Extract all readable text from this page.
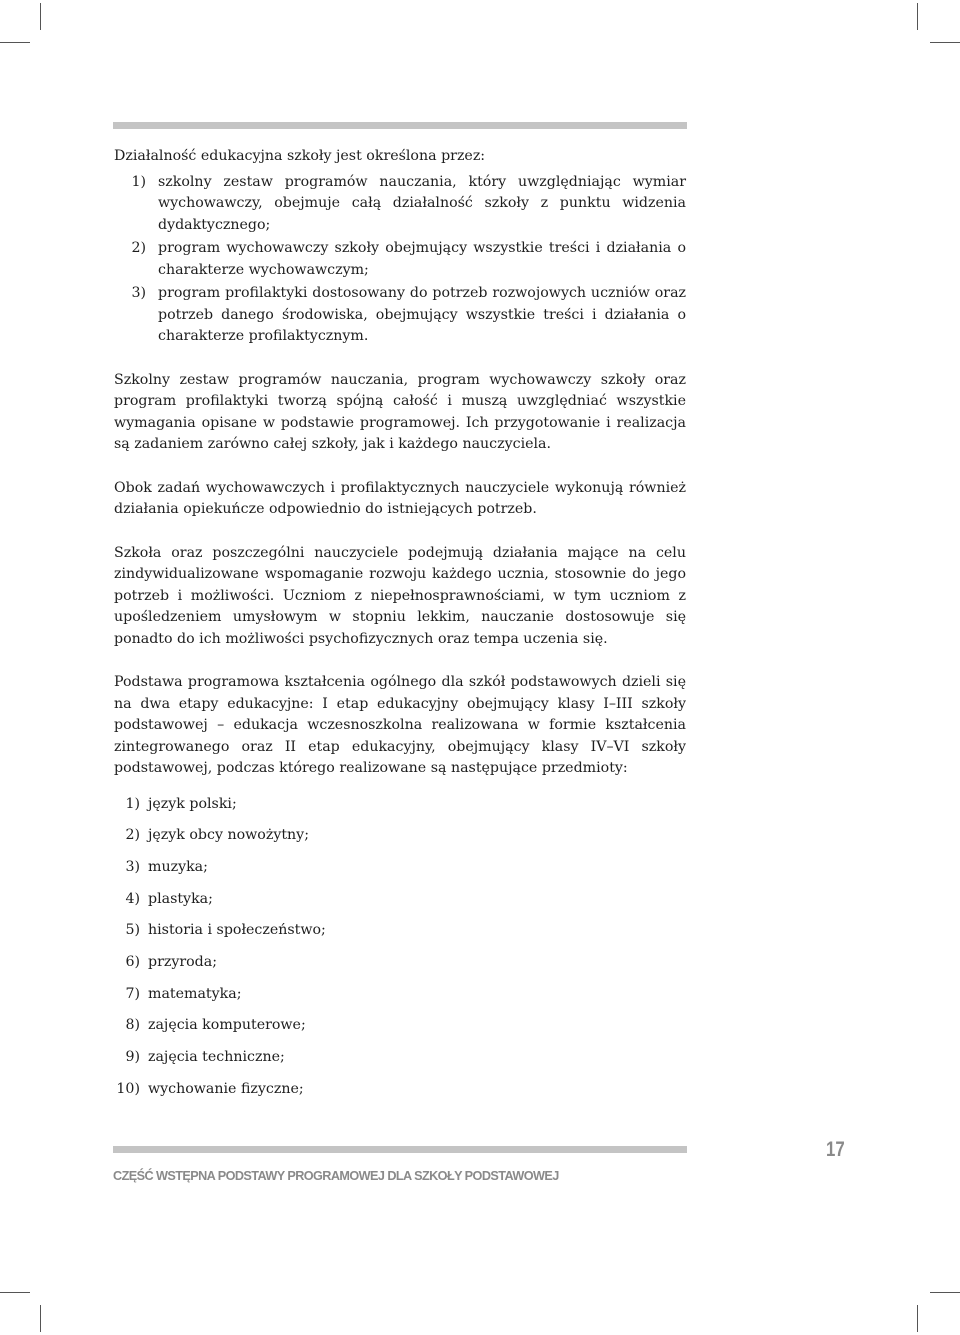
Działalność edukacyjna szkoły jest określona przez:

1) szkolny zestaw programów nauczania, który uwzględniając wymiar wychowawczy, obejmuje całą działalność szkoły z punktu widzenia dydaktycznego;
2) program wychowawczy szkoły obejmujący wszystkie treści i działania o charakterze wychowawczym;
3) program profilaktyki dostosowany do potrzeb rozwojowych uczniów oraz potrzeb danego środowiska, obejmujący wszystkie treści i działania o charakterze profilaktycznym.

Szkolny zestaw programów nauczania, program wychowawczy szkoły oraz program profilaktyki tworzą spójną całość i muszą uwzględniać wszystkie wymagania opisane w podstawie programowej. Ich przygotowanie i realizacja są zadaniem zarówno całej szkoły, jak i każdego nauczyciela.

Obok zadań wychowawczych i profilaktycznych nauczyciele wykonują również działania opiekuńcze odpowiednio do istniejących potrzeb.

Szkoła oraz poszczególni nauczyciele podejmują działania mające na celu zindywidualizowane wspomaganie rozwoju każdego ucznia, stosownie do jego potrzeb i możliwości. Uczniom z niepełnosprawnościami, w tym uczniom z upośledzeniem umysłowym w stopniu lekkim, nauczanie dostosowuje się ponadto do ich możliwości psychofizycznych oraz tempa uczenia się.

Podstawa programowa kształcenia ogólnego dla szkół podstawowych dzieli się na dwa etapy edukacyjne: I etap edukacyjny obejmujący klasy I–III szkoły podstawowej – edukacja wczesnoszkolna realizowana w formie kształcenia zintegrowanego oraz II etap edukacyjny, obejmujący klasy IV–VI szkoły podstawowej, podczas którego realizowane są następujące przedmioty:

1) język polski;
2) język obcy nowożytny;
3) muzyka;
4) plastyka;
5) historia i społeczeństwo;
6) przyroda;
7) matematyka;
8) zajęcia komputerowe;
9) zajęcia techniczne;
10) wychowanie fizyczne;
CZĘŚĆ WSTĘPNA PODSTAWY PROGRAMOWEJ DLA SZKOŁY PODSTAWOWEJ
17
